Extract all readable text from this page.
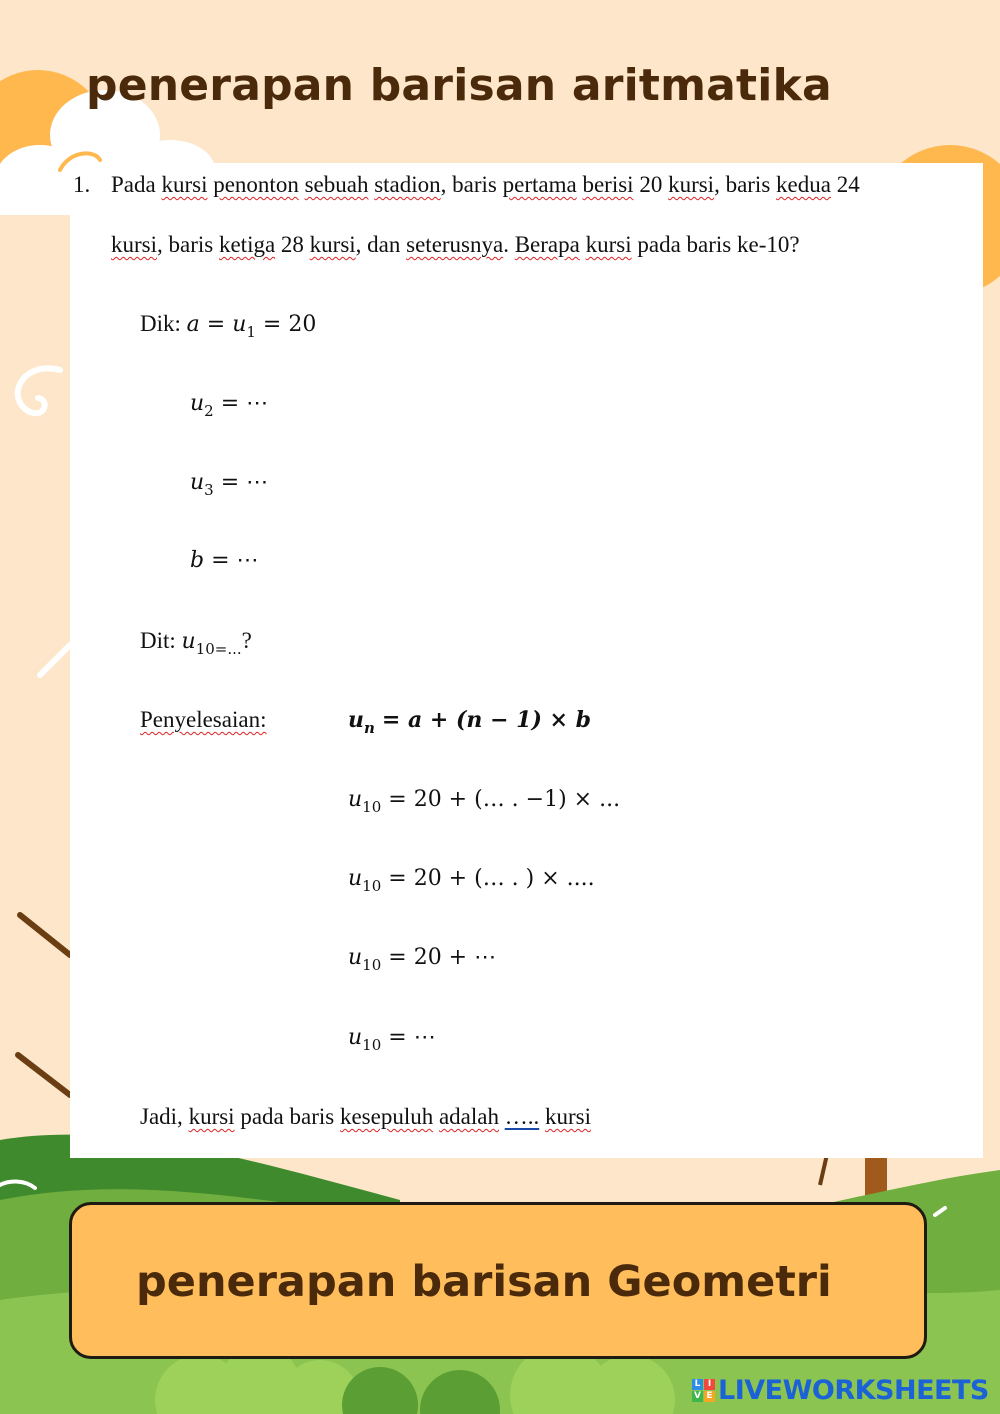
penerapan barisan aritmatika
1. Pada kursi penonton sebuah stadion, baris pertama berisi 20 kursi, baris kedua 24
kursi, baris ketiga 28 kursi, dan seterusnya. Berapa kursi pada baris ke-10?
Dik: $a = u_1 = 20$
$u_2$ = ⋯
$u_3$ = ⋯
b = ⋯
Dit: $u_{10=...}$?
Penyelesaian:	$u_n = a + (n - 1) \times b$
$u_{10} = 20$ + (… . −1) × ...
$u_{10} = 20$ + (… . ) × ....
$u_{10} = 20$ + ⋯
$u_{10}$ = ⋯
Jadi, kursi pada baris kesepuluh adalah ….. kursi

penerapan barisan Geometri

L I
V E LIVEWORKSHEETS
